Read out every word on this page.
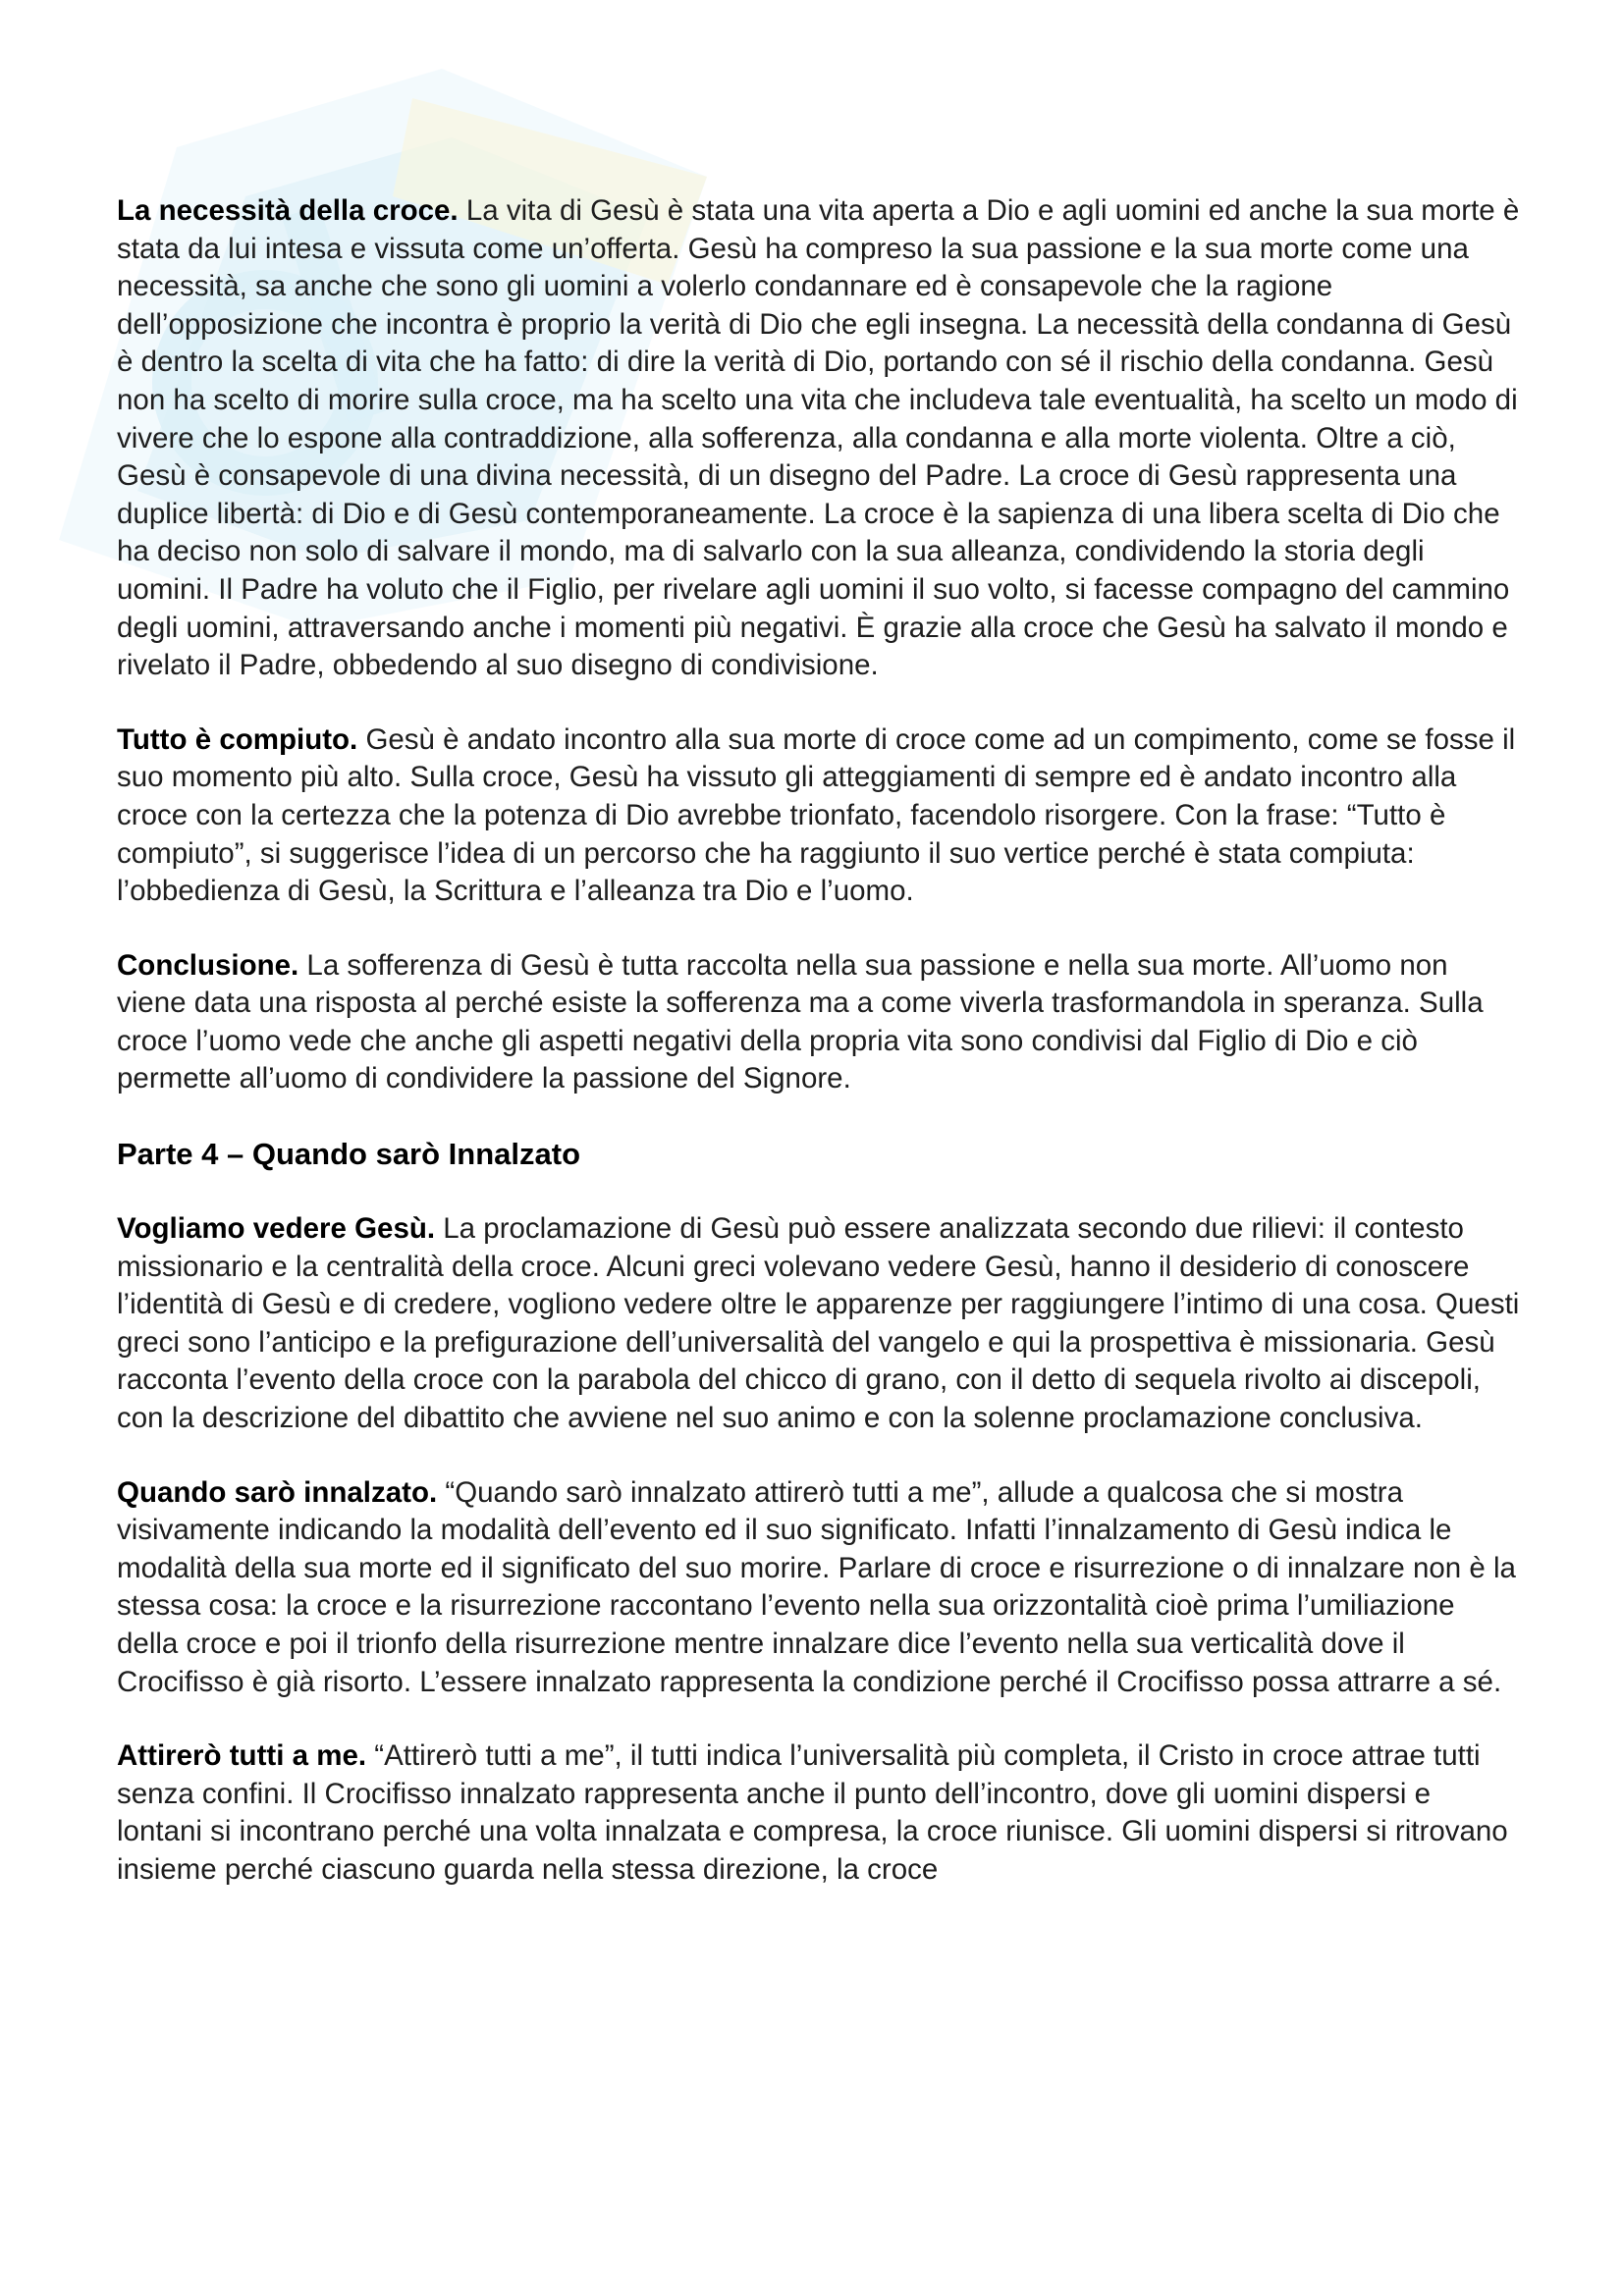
La necessità della croce. La vita di Gesù è stata una vita aperta a Dio e agli uomini ed anche la sua morte è stata da lui intesa e vissuta come un’offerta. Gesù ha compreso la sua passione e la sua morte come una necessità, sa anche che sono gli uomini a volerlo condannare ed è consapevole che la ragione dell’opposizione che incontra è proprio la verità di Dio che egli insegna. La necessità della condanna di Gesù è dentro la scelta di vita che ha fatto: di dire la verità di Dio, portando con sé il rischio della condanna. Gesù non ha scelto di morire sulla croce, ma ha scelto una vita che includeva tale eventualità, ha scelto un modo di vivere che lo espone alla contraddizione, alla sofferenza, alla condanna e alla morte violenta. Oltre a ciò, Gesù è consapevole di una divina necessità, di un disegno del Padre. La croce di Gesù rappresenta una duplice libertà: di Dio e di Gesù contemporaneamente. La croce è la sapienza di una libera scelta di Dio che ha deciso non solo di salvare il mondo, ma di salvarlo con la sua alleanza, condividendo la storia degli uomini. Il Padre ha voluto che il Figlio, per rivelare agli uomini il suo volto, si facesse compagno del cammino degli uomini, attraversando anche i momenti più negativi. È grazie alla croce che Gesù ha salvato il mondo e rivelato il Padre, obbedendo al suo disegno di condivisione.

Tutto è compiuto. Gesù è andato incontro alla sua morte di croce come ad un compimento, come se fosse il suo momento più alto. Sulla croce, Gesù ha vissuto gli atteggiamenti di sempre ed è andato incontro alla croce con la certezza che la potenza di Dio avrebbe trionfato, facendolo risorgere. Con la frase: “Tutto è compiuto”, si suggerisce l’idea di un percorso che ha raggiunto il suo vertice perché è stata compiuta: l’obbedienza di Gesù, la Scrittura e l’alleanza tra Dio e l’uomo.

Conclusione. La sofferenza di Gesù è tutta raccolta nella sua passione e nella sua morte. All’uomo non viene data una risposta al perché esiste la sofferenza ma a come viverla trasformandola in speranza. Sulla croce l’uomo vede che anche gli aspetti negativi della propria vita sono condivisi dal Figlio di Dio e ciò permette all’uomo di condividere la passione del Signore.

Parte 4 – Quando sarò Innalzato

Vogliamo vedere Gesù. La proclamazione di Gesù può essere analizzata secondo due rilievi: il contesto missionario e la centralità della croce. Alcuni greci volevano vedere Gesù, hanno il desiderio di conoscere l’identità di Gesù e di credere, vogliono vedere oltre le apparenze per raggiungere l’intimo di una cosa. Questi greci sono l’anticipo e la prefigurazione dell’universalità del vangelo e qui la prospettiva è missionaria. Gesù racconta l’evento della croce con la parabola del chicco di grano, con il detto di sequela rivolto ai discepoli, con la descrizione del dibattito che avviene nel suo animo e con la solenne proclamazione conclusiva.

Quando sarò innalzato. “Quando sarò innalzato attirerò tutti a me”, allude a qualcosa che si mostra visivamente indicando la modalità dell’evento ed il suo significato. Infatti l’innalzamento di Gesù indica le modalità della sua morte ed il significato del suo morire. Parlare di croce e risurrezione o di innalzare non è la stessa cosa: la croce e la risurrezione raccontano l’evento nella sua orizzontalità cioè prima l’umiliazione della croce e poi il trionfo della risurrezione mentre innalzare dice l’evento nella sua verticalità dove il Crocifisso è già risorto. L’essere innalzato rappresenta la condizione perché il Crocifisso possa attrarre a sé.

Attirerò tutti a me. “Attirerò tutti a me”, il tutti indica l’universalità più completa, il Cristo in croce attrae tutti senza confini. Il Crocifisso innalzato rappresenta anche il punto dell’incontro, dove gli uomini dispersi e lontani si incontrano perché una volta innalzata e compresa, la croce riunisce. Gli uomini dispersi si ritrovano insieme perché ciascuno guarda nella stessa direzione, la croce
